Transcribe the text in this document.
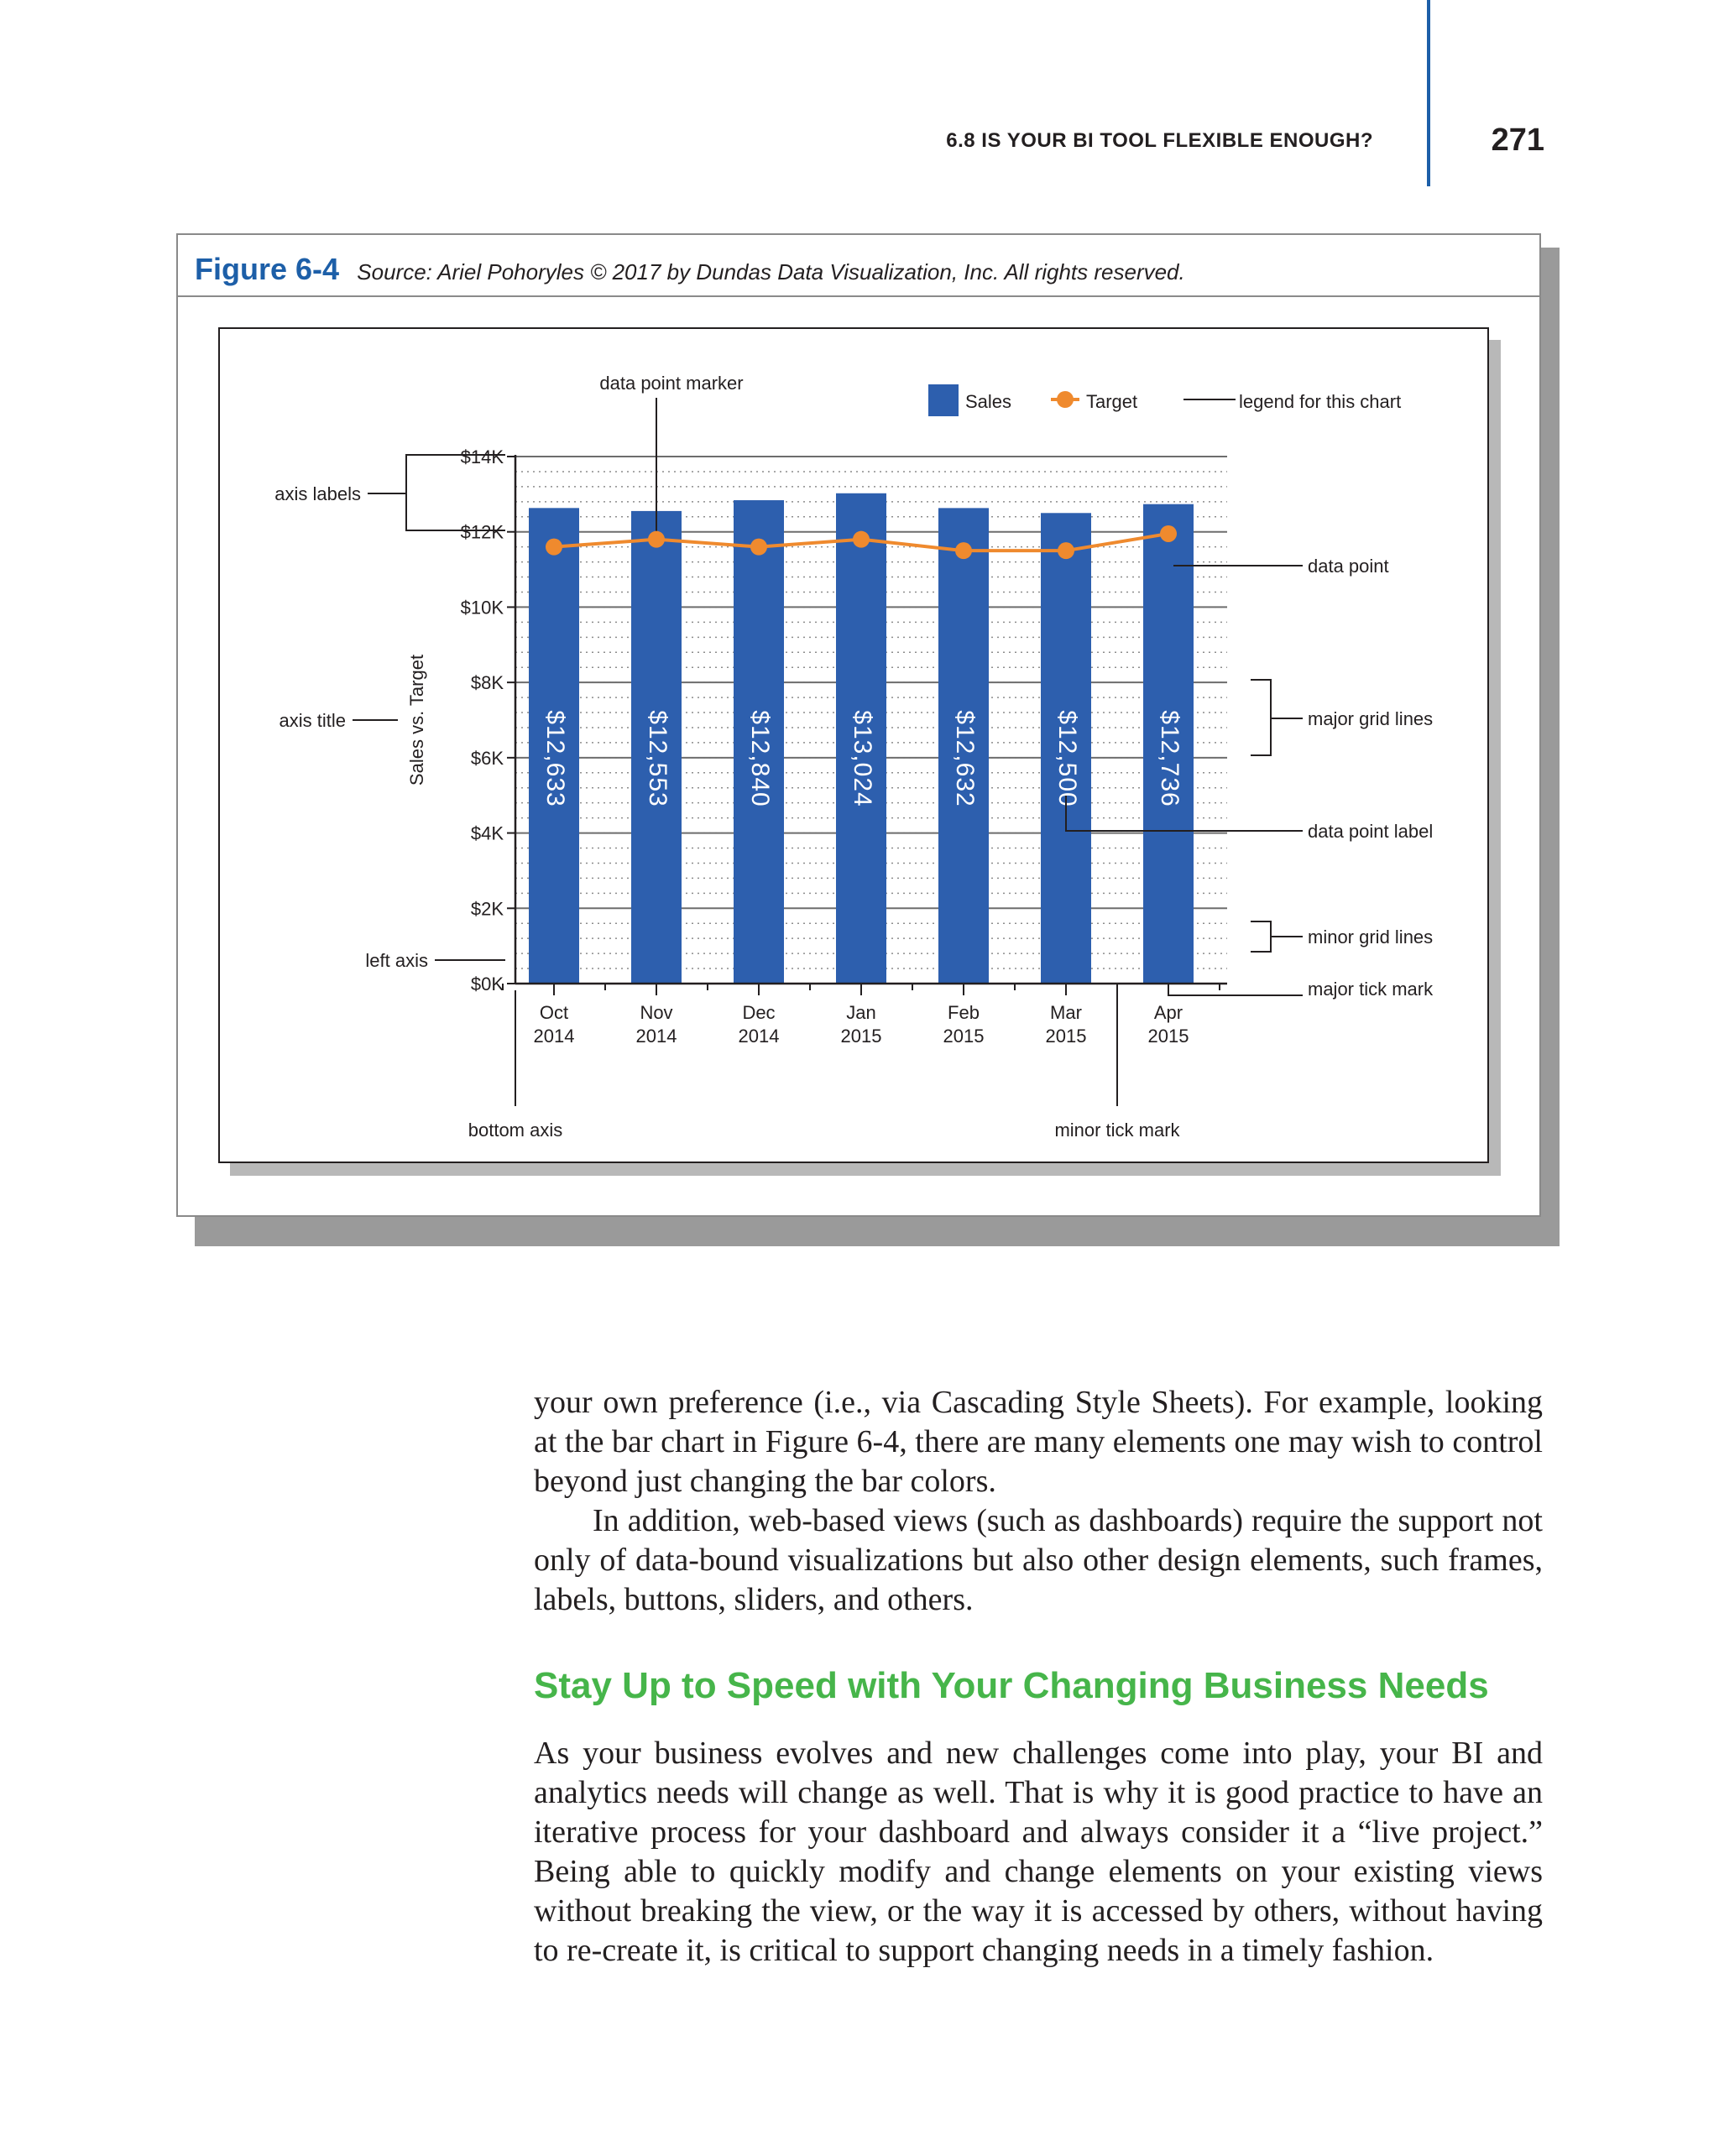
6.8 IS YOUR BI TOOL FLEXIBLE ENOUGH?	271
Figure 6-4 Source: Ariel Pohoryles © 2017 by Dundas Data Visualization, Inc. All rights reserved.
$0K
$2K
$4K
$6K
$8K
$10K
$12K
$14K
$12,633	$12,553	$12,840	$13,024	$12,632	$12,500	$12,736
Oct
2014
Nov
2014
Dec
2014
Jan
2015
Feb
2015
Mar
2015
Apr
2015
Sales vs. Target
Sales	Target
data point marker
legend for this chart
axis labels
data point
axis title	major grid lines
data point label
minor grid lines
left axis
major tick mark
minor tick mark
bottom axis

your own preference (i.e., via Cascading Style Sheets). For example, looking at the bar chart in Figure 6-4, there are many elements one may wish to control beyond just changing the bar colors.

In addition, web-based views (such as dashboards) require the support not only of data-bound visualizations but also other design elements, such frames, labels, buttons, sliders, and others.

Stay Up to Speed with Your Changing Business Needs

As your business evolves and new challenges come into play, your BI and analytics needs will change as well. That is why it is good practice to have an iterative process for your dashboard and always consider it a “live project.” Being able to quickly modify and change elements on your existing views without breaking the view, or the way it is accessed by others, without having to re-create it, is critical to support changing needs in a timely fashion.
